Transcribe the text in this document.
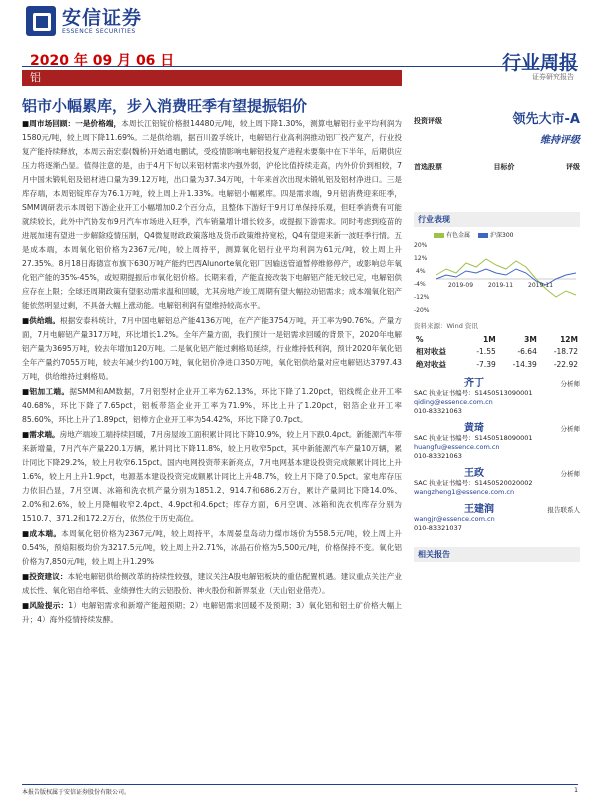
安信证券
ESSENCE SECURITIES
2020 年 09 月 06 日
铝
行业周报
证券研究报告
铝市小幅累库，步入消费旺季有望提振铝价

■周市场回顾：一是价格端，本周长江铝锭价格报14480元/吨，较上周下降1.30%，测算电解铝行业平均利润为1580元/吨，较上周下降11.69%。二是供给端，据百川盈孚统计，电解铝行业高利润推动铝厂投产复产，行业投复产能持续释放，本周云南宏泰(魏桥)开始通电鹏试，受疫情影响电解铝投复产进程未要集中在下半年，后期供应压力将逐渐凸显。值得注意的是，由于4月下旬以来铝材需求内强外弱，沪伦比值持续走高，内外价价到相较，7月中国未锻轧铝及铝材进口量为39.12万吨，出口量为37.34万吨，十年来首次出现未锻轧铝及铝材净进口。三是库存端，本周铝锭库存为76.1万吨，较上周上升1.33%。电解铝小幅累库。四是需求端，9月铝消费迎来旺季，SMM调研表示本周铝下游企业开工小幅增加0.2个百分点，且整体下游好于9月订单保持乐观，但旺季消费有可能就续较长，此外中汽协发布9月汽车市场进入旺季，汽车销量增计增长较多，或提振下游需求。同时考虑到疫苗的进展加速有望进一步解除疫情压制，Q4微复财政政策落地及货币政策维持宽松，Q4有望迎来新一波旺季行情。五是成本端，本周氧化铝价格为2367元/吨，较上周持平，测算氧化铝行业平均利润为61元/吨，较上周上升27.35%。8月18日海德宣布旗下630万吨产能约巴西Alunorte氧化铝厂因输送管道暂停维修停产，或影响总年氧化铝产能的35%-45%，或短期提振后市氧化铝价格。长期来看，产能直接改装下电解铝产能无较已定，电解铝供应存在上限；全球还周期政策有望驱动需求温和回暖，尤其房地产竣工周期有望大幅拉动铝需求；成本端氧化铝产能依然明显过剩，不具备大幅上涨动能。电解铝利润有望维持较高水平。

■供给端。根据安泰科统计，7月中国电解铝总产能4136万吨，在产产能3754万吨，开工率为90.76%。产量方面，7月电解铝产量317万吨，环比增长1.2%。全年产量方面，我们预计一是铝需求回暖的背景下，2020年电解铝产量为3695万吨，较去年增加120万吨。二是氧化铝产能过剩格局延续，行业维持低利润，预计2020年氧化铝全年产量约7055万吨，较去年减少约100万吨，氧化铝价净进口350万吨，氧化铝供给量对应电解铝达3797.43万吨，供给维持过剩格局。

■铝加工端。据SMM和AM数据，7月铝型材企业开工率为62.13%，环比下降了1.20pct，铝线缆企业开工率40.68%，环比下降了7.65pct，铝板带箔企业开工率为71.9%，环比上升了1.20pct，铝箔企业开工率85.60%，环比上升了1.89pct，铝棒方企业开工率为54.42%，环比下降了0.7pct。

■需求端。房地产端竣工端持续回暖，7月房屋竣工面积累计同比下降10.9%，较上月下跌0.4pct。新能源汽车带来新增量，7月汽车产量220.1万辆，累计同比下降11.8%，较上月收窄5pct，其中新能源汽车产量10万辆，累计同比下降29.2%，较上月收窄6.15pct。国内电网投资带来新亮点，7月电网基本建设投资完成额累计同比上升1.6%，较上月上升1.9pct，电源基本建设投资完成额累计同比上升48.7%，较上月下降了0.5pct。家电库存压力依旧凸显，7月空调、冰箱和洗衣机产量分别为1851.2、914.7和686.2万台，累计产量同比下降14.0%、2.0%和2.6%，较上月降幅收窄2.4pct、4.9pct和4.6pct；库存方面，6月空调、冰箱和洗衣机库存分别为1510.7、371.2和172.2万台，依然位于历史高位。

■成本端。本周氧化铝价格为2367元/吨，较上周持平，本周晏皇岛动力煤市场价为558.5元/吨，较上周上升0.54%，预焙阳极均价为3217.5元/吨，较上周上升2.71%，冰晶石价格为5,500元/吨，价格保持不变。氧化铝价格为7,850元/吨，较上周上升1.29%

■投资建议：本轮电解铝供给侧改革的持续性较强，建议关注A股电解铝板块的重估配置机遇。建议重点关注产业成长性、氧化铝自给率低、业绩弹性大的云铝股份、神火股份和新界泵业（天山铝业借壳）。

■风险提示：1）电解铝需求和新增产能超预期；2）电解铝需求回暖不及预期；3）氧化铝和铝土矿价格大幅上升；4）海外疫情持续发酵。

投资评级	领先大市-A
维持评级
首选股票	目标价	评级
行业表现
有色金属	沪深300
20%
12%
4%
-4%
-12%
-20%
2019-09 2019-11 2019-11
资料来源：Wind 资讯
%	1M	3M	12M
相对收益	-1.55	-6.64	-18.72
绝对收益	-7.39	-14.39	-22.92
齐丁	分析师
SAC 执业证书编号：S1450513090001
qiding@essence.com.cn
010-83321063
黄琦	分析师
SAC 执业证书编号：S1450518090001
huangfu@essence.com.cn
010-83321063
王政	分析师
SAC 执业证书编号：S1450520020002
wangzheng1@essence.com.cn
王建润	报告联系人
wangjr@essence.com.cn
010-83321037
相关报告
本报告版权属于安信证券股份有限公司。	1
